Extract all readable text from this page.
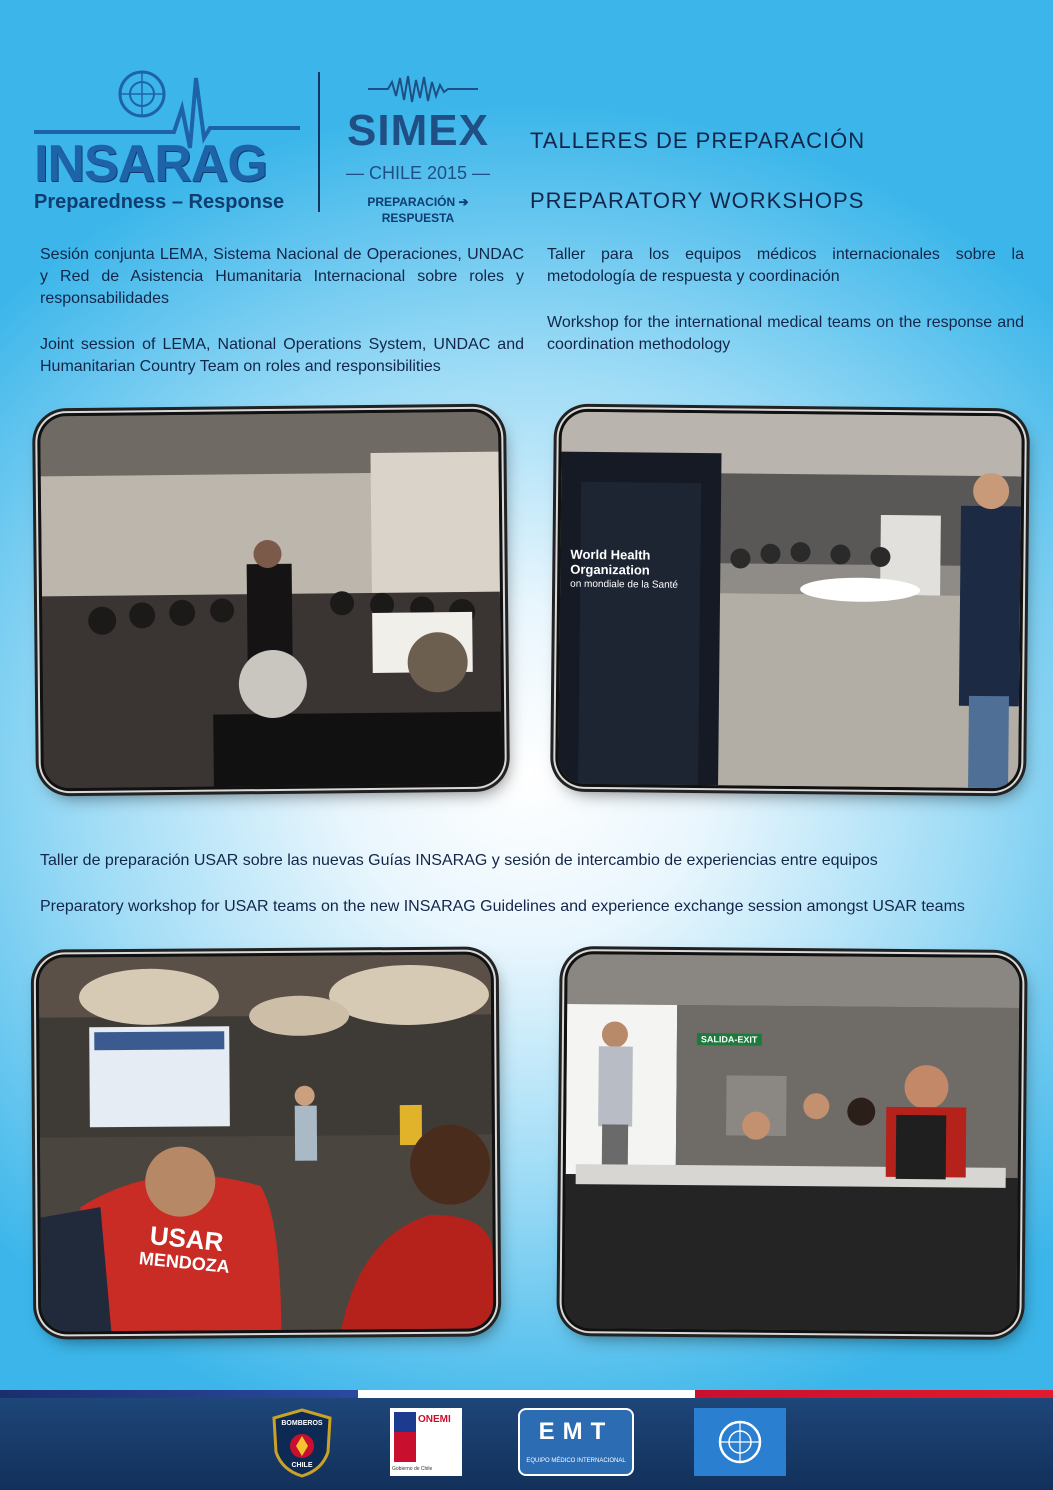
INSARAG
Preparedness – Response
SIMEX
— CHILE 2015 —
PREPARACIÓN ➔ RESPUESTA
TALLERES DE PREPARACIÓN
PREPARATORY WORKSHOPS
Sesión conjunta LEMA, Sistema Nacional de Operaciones, UNDAC y Red de Asistencia Humanitaria Internacional sobre roles y responsabilidades
Joint session of LEMA, National Operations System, UNDAC and Humanitarian Country Team on roles and responsibilities
Taller para los equipos médicos internacionales sobre la metodología de respuesta y coordinación
Workshop for the international medical teams on the response and coordination methodology
World Health
Organization
on mondiale de la Santé
Taller de preparación USAR sobre las nuevas Guías INSARAG y sesión de intercambio de experiencias entre equipos
Preparatory workshop for USAR teams on the new INSARAG Guidelines and experience exchange session amongst USAR teams
USAR
MENDOZA
SALIDA-EXIT
BOMBEROS
CHILE
ONEMI
Gobierno de Chile
EMT
EQUIPO MÉDICO INTERNACIONAL
